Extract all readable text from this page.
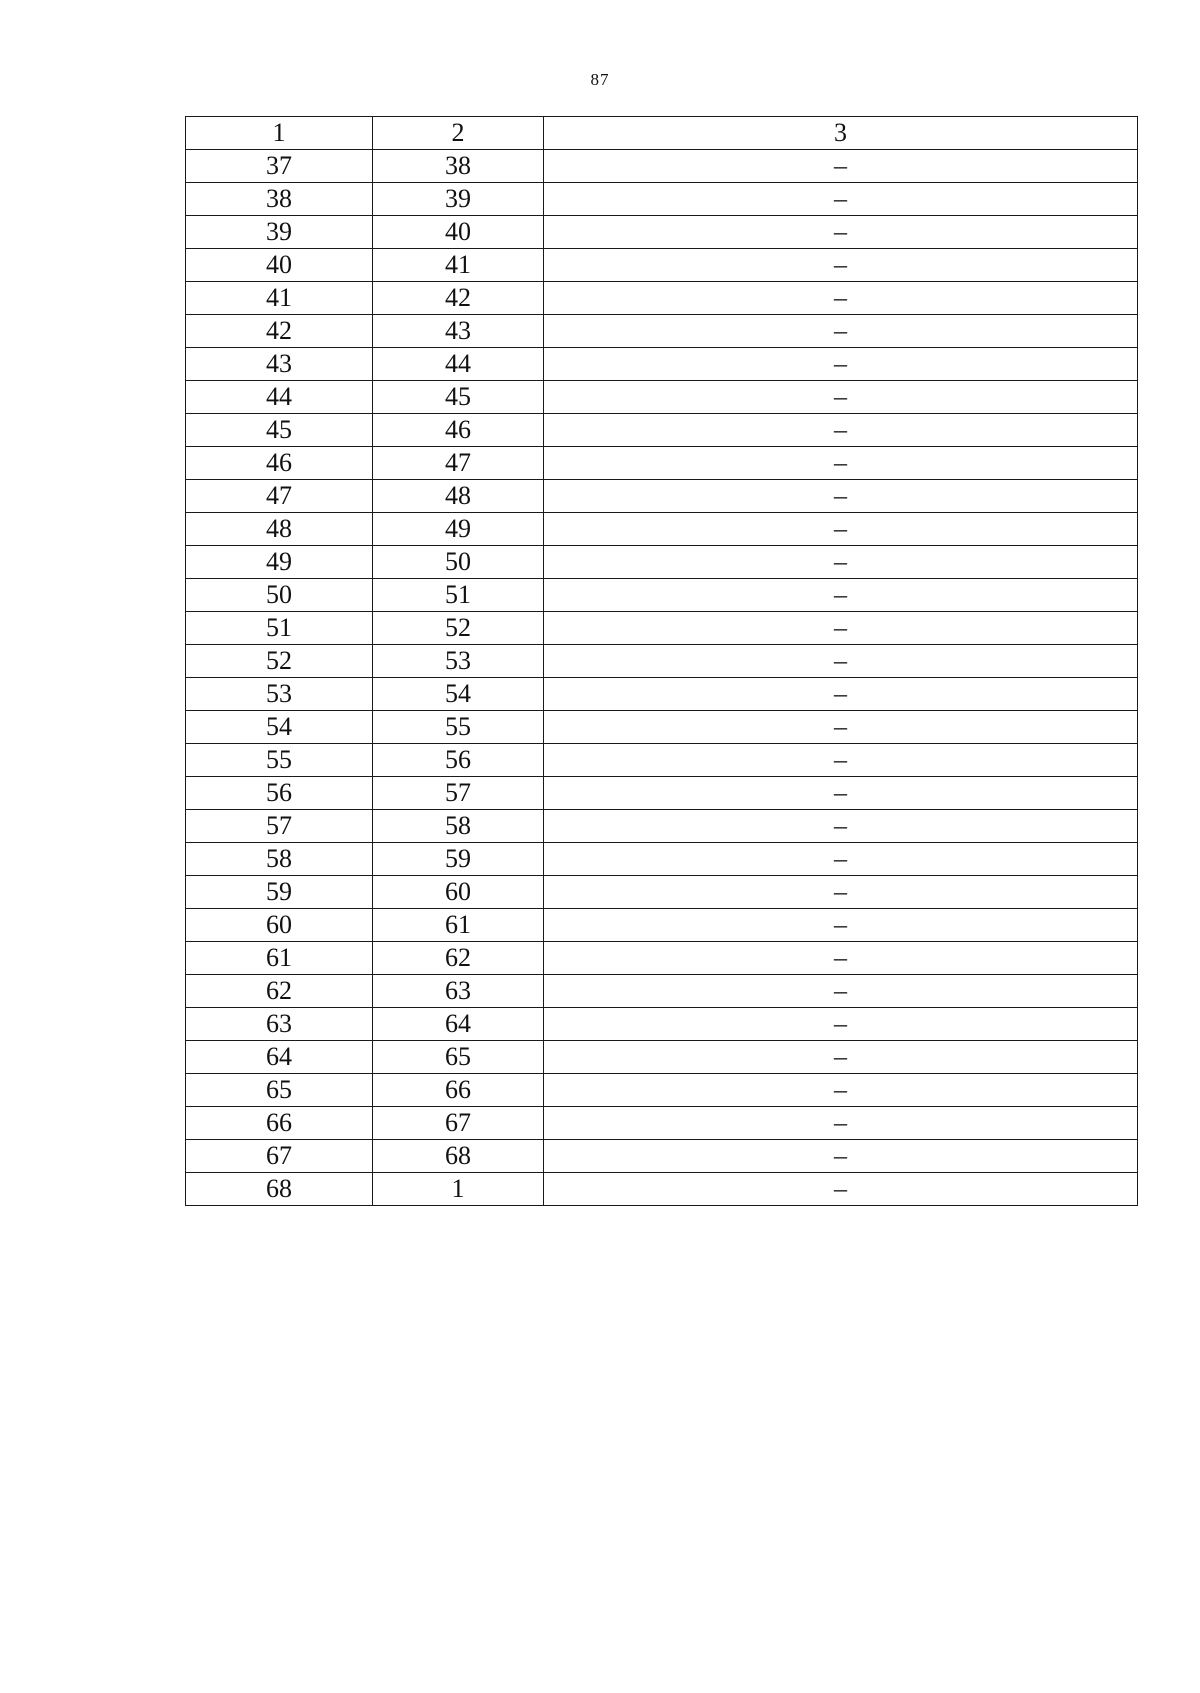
87
1	2	3
37	38	–
38	39	–
39	40	–
40	41	–
41	42	–
42	43	–
43	44	–
44	45	–
45	46	–
46	47	–
47	48	–
48	49	–
49	50	–
50	51	–
51	52	–
52	53	–
53	54	–
54	55	–
55	56	–
56	57	–
57	58	–
58	59	–
59	60	–
60	61	–
61	62	–
62	63	–
63	64	–
64	65	–
65	66	–
66	67	–
67	68	–
68	1	–
